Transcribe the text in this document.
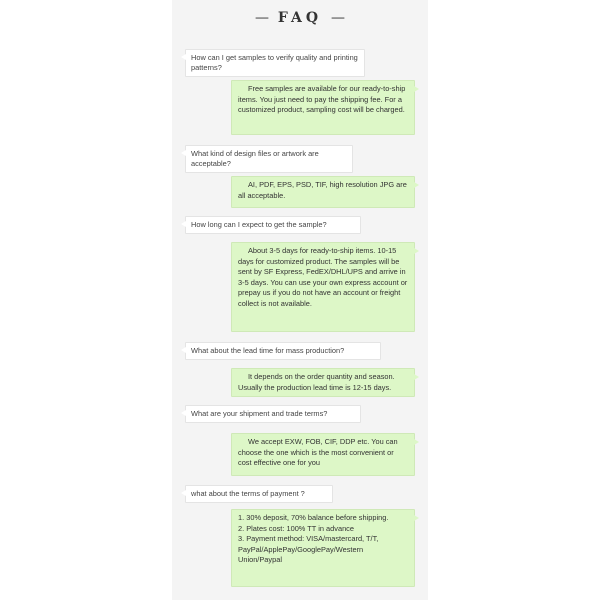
— FAQ —
How can I get samples to verify quality and printing patterns?
Free samples are available for our ready-to-ship items. You just need to pay the shipping fee. For a customized product, sampling cost will be charged.
What kind of design files or artwork are acceptable?
AI, PDF, EPS, PSD, TIF, high resolution JPG are all acceptable.
How long can I expect to get the sample?
About 3-5 days for ready-to-ship items. 10-15 days for customized product. The samples will be sent by SF Express, FedEX/DHL/UPS and arrive in 3-5 days. You can use your own express account or prepay us if you do not have an account or freight collect is not available.
What about the lead time for mass production?
It depends on the order quantity and season. Usually the production lead time is 12-15 days.
What are your shipment and trade terms?
We accept EXW, FOB, CIF, DDP etc. You can choose the one which is the most convenient or cost effective one for you
what about the terms of payment ?
1. 30% deposit, 70% balance before shipping.
2. Plates cost: 100% TT in advance
3. Payment method: VISA/mastercard, T/T, PayPal/ApplePay/GooglePay/Western Union/Paypal
